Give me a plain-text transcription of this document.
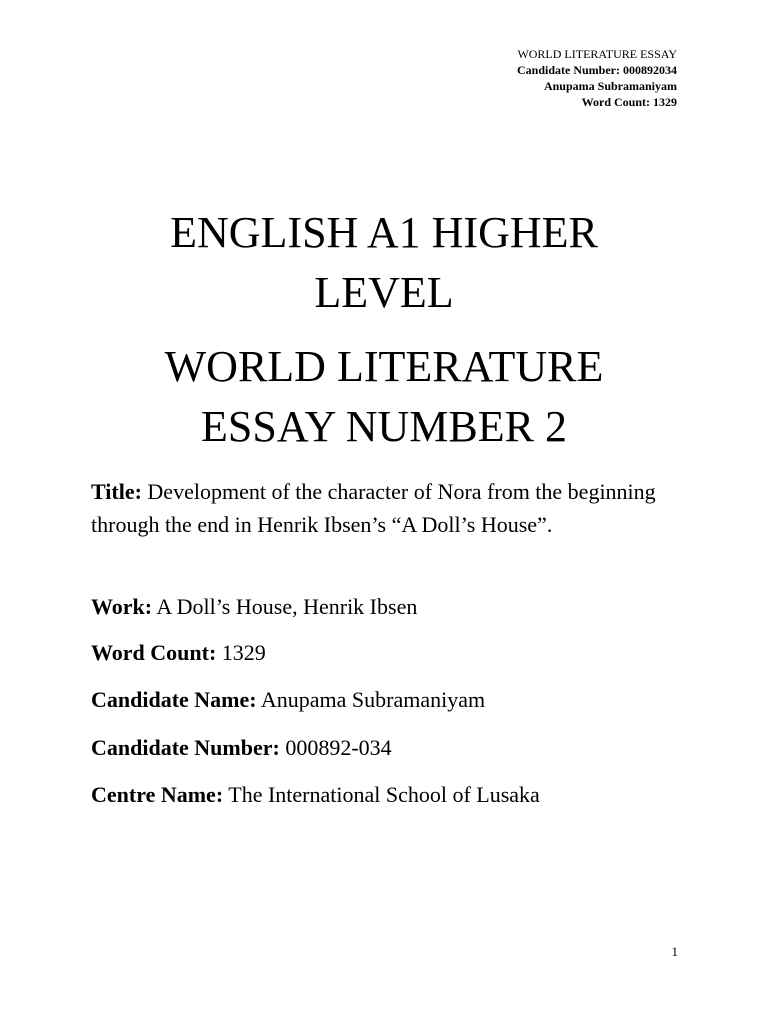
WORLD LITERATURE ESSAY
Candidate Number: 000892034
Anupama Subramaniyam
Word Count: 1329
ENGLISH A1 HIGHER
LEVEL
WORLD LITERATURE
ESSAY NUMBER 2
Title: Development of the character of Nora from the beginning through the end in Henrik Ibsen’s “A Doll’s House”.
Work: A Doll’s House, Henrik Ibsen
Word Count: 1329
Candidate Name: Anupama Subramaniyam
Candidate Number: 000892-034
Centre Name: The International School of Lusaka
1
